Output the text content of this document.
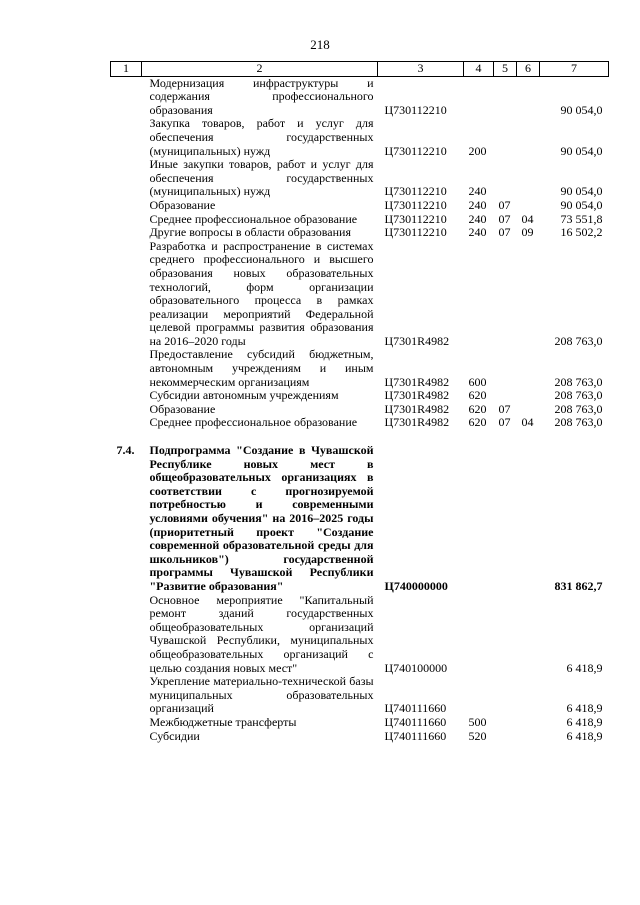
218
1	2	3	4	5	6	7
	Модернизация инфраструктуры и содержания профессионального образования	Ц730112210				90 054,0
	Закупка товаров, работ и услуг для обеспечения государственных (муниципальных) нужд	Ц730112210	200			90 054,0
	Иные закупки товаров, работ и услуг для обеспечения государственных (муниципальных) нужд	Ц730112210	240			90 054,0
	Образование	Ц730112210	240	07		90 054,0
	Среднее профессиональное образование	Ц730112210	240	07	04	73 551,8
	Другие вопросы в области образования	Ц730112210	240	07	09	16 502,2
	Разработка и распространение в системах среднего профессионального и высшего образования новых образовательных технологий, форм организации образовательного процесса в рамках реализации мероприятий Федеральной целевой программы развития образования на 2016–2020 годы	Ц7301R4982				208 763,0
	Предоставление субсидий бюджетным, автономным учреждениям и иным некоммерческим организациям	Ц7301R4982	600			208 763,0
	Субсидии автономным учреждениям	Ц7301R4982	620			208 763,0
	Образование	Ц7301R4982	620	07		208 763,0
	Среднее профессиональное образование	Ц7301R4982	620	07	04	208 763,0

7.4.	Подпрограмма "Создание в Чувашской Республике новых мест в общеобразовательных организациях в соответствии с прогнозируемой потребностью и современными условиями обучения" на 2016–2025 годы (приоритетный проект "Создание современной образовательной среды для школьников") государственной программы Чувашской Республики "Развитие образования"	Ц740000000				831 862,7
	Основное мероприятие "Капитальный ремонт зданий государственных общеобразовательных организаций Чувашской Республики, муниципальных общеобразовательных организаций с целью создания новых мест"	Ц740100000				6 418,9
	Укрепление материально-технической базы муниципальных образовательных организаций	Ц740111660				6 418,9
	Межбюджетные трансферты	Ц740111660	500			6 418,9
	Субсидии	Ц740111660	520			6 418,9
